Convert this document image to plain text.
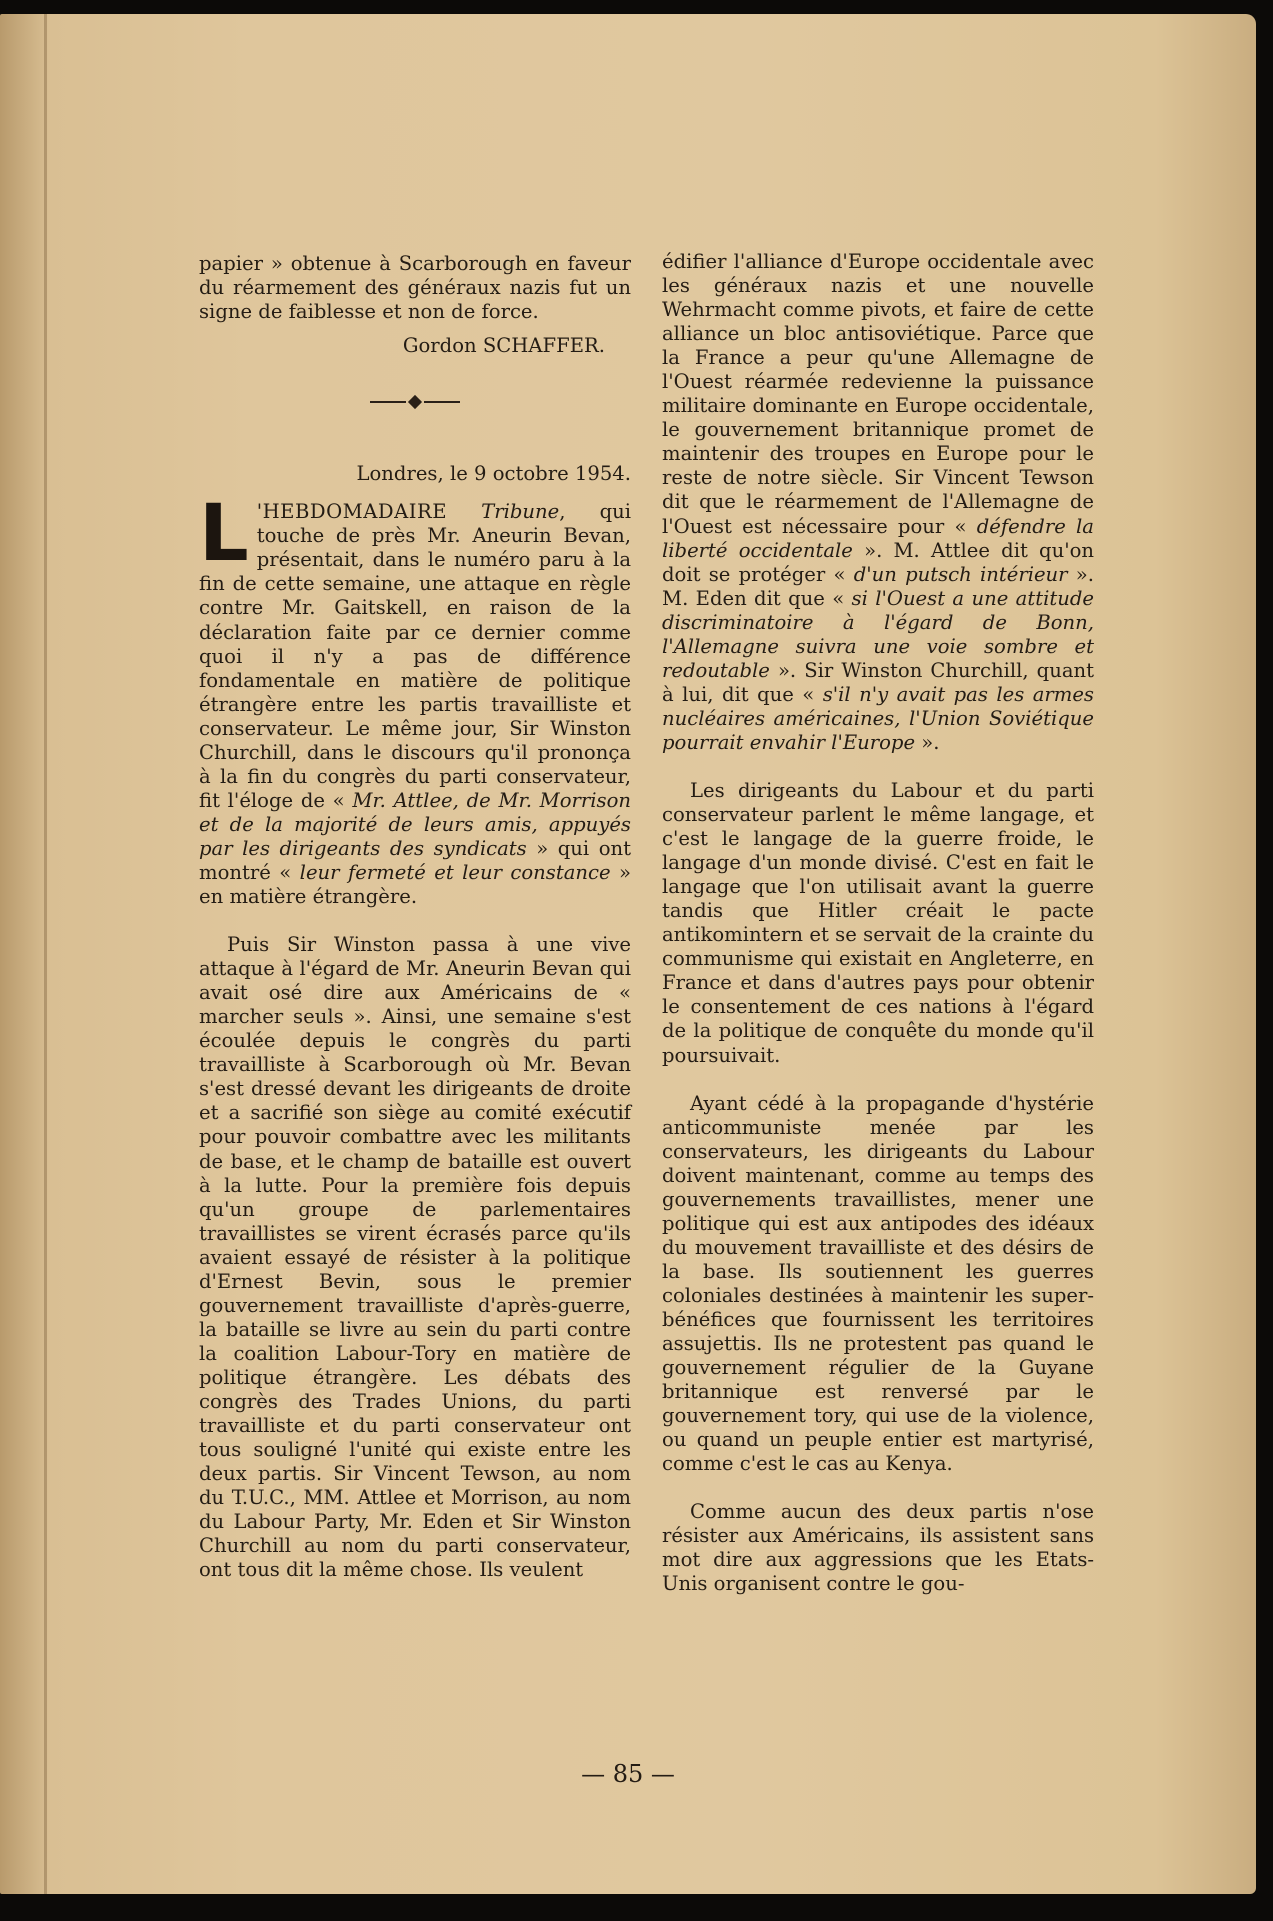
papier » obtenue à Scarborough en faveur du réarmement des généraux nazis fut un signe de faiblesse et non de force.

Gordon SCHAFFER.

Londres, le 9 octobre 1954.

L 'HEBDOMADAIRE Tribune, qui touche de près Mr. Aneurin Bevan, présentait, dans le numéro paru à la fin de cette semaine, une attaque en règle contre Mr. Gaitskell, en raison de la déclaration faite par ce dernier comme quoi il n'y a pas de différence fondamentale en matière de politique étrangère entre les partis travailliste et conservateur. Le même jour, Sir Winston Churchill, dans le discours qu'il prononça à la fin du congrès du parti conservateur, fit l'éloge de « Mr. Attlee, de Mr. Morrison et de la majorité de leurs amis, appuyés par les dirigeants des syndicats » qui ont montré « leur fermeté et leur constance » en matière étrangère.

Puis Sir Winston passa à une vive attaque à l'égard de Mr. Aneurin Bevan qui avait osé dire aux Américains de « marcher seuls ». Ainsi, une semaine s'est écoulée depuis le congrès du parti travailliste à Scarborough où Mr. Bevan s'est dressé devant les dirigeants de droite et a sacrifié son siège au comité exécutif pour pouvoir combattre avec les militants de base, et le champ de bataille est ouvert à la lutte. Pour la première fois depuis qu'un groupe de parlementaires travaillistes se virent écrasés parce qu'ils avaient essayé de résister à la politique d'Ernest Bevin, sous le premier gouvernement travailliste d'après-guerre, la bataille se livre au sein du parti contre la coalition Labour-Tory en matière de politique étrangère. Les débats des congrès des Trades Unions, du parti travailliste et du parti conservateur ont tous souligné l'unité qui existe entre les deux partis. Sir Vincent Tewson, au nom du T.U.C., MM. Attlee et Morrison, au nom du Labour Party, Mr. Eden et Sir Winston Churchill au nom du parti conservateur, ont tous dit la même chose. Ils veulent

édifier l'alliance d'Europe occidentale avec les généraux nazis et une nouvelle Wehrmacht comme pivots, et faire de cette alliance un bloc antisoviétique. Parce que la France a peur qu'une Allemagne de l'Ouest réarmée redevienne la puissance militaire dominante en Europe occidentale, le gouvernement britannique promet de maintenir des troupes en Europe pour le reste de notre siècle. Sir Vincent Tewson dit que le réarmement de l'Allemagne de l'Ouest est nécessaire pour « défendre la liberté occidentale ». M. Attlee dit qu'on doit se protéger « d'un putsch intérieur ». M. Eden dit que « si l'Ouest a une attitude discriminatoire à l'égard de Bonn, l'Allemagne suivra une voie sombre et redoutable ». Sir Winston Churchill, quant à lui, dit que « s'il n'y avait pas les armes nucléaires américaines, l'Union Soviétique pourrait envahir l'Europe ».

Les dirigeants du Labour et du parti conservateur parlent le même langage, et c'est le langage de la guerre froide, le langage d'un monde divisé. C'est en fait le langage que l'on utilisait avant la guerre tandis que Hitler créait le pacte antikomintern et se servait de la crainte du communisme qui existait en Angleterre, en France et dans d'autres pays pour obtenir le consentement de ces nations à l'égard de la politique de conquête du monde qu'il poursuivait.

Ayant cédé à la propagande d'hystérie anticommuniste menée par les conservateurs, les dirigeants du Labour doivent maintenant, comme au temps des gouvernements travaillistes, mener une politique qui est aux antipodes des idéaux du mouvement travailliste et des désirs de la base. Ils soutiennent les guerres coloniales destinées à maintenir les super-bénéfices que fournissent les territoires assujettis. Ils ne protestent pas quand le gouvernement régulier de la Guyane britannique est renversé par le gouvernement tory, qui use de la violence, ou quand un peuple entier est martyrisé, comme c'est le cas au Kenya.

Comme aucun des deux partis n'ose résister aux Américains, ils assistent sans mot dire aux aggressions que les Etats-Unis organisent contre le gou-

— 85 —
